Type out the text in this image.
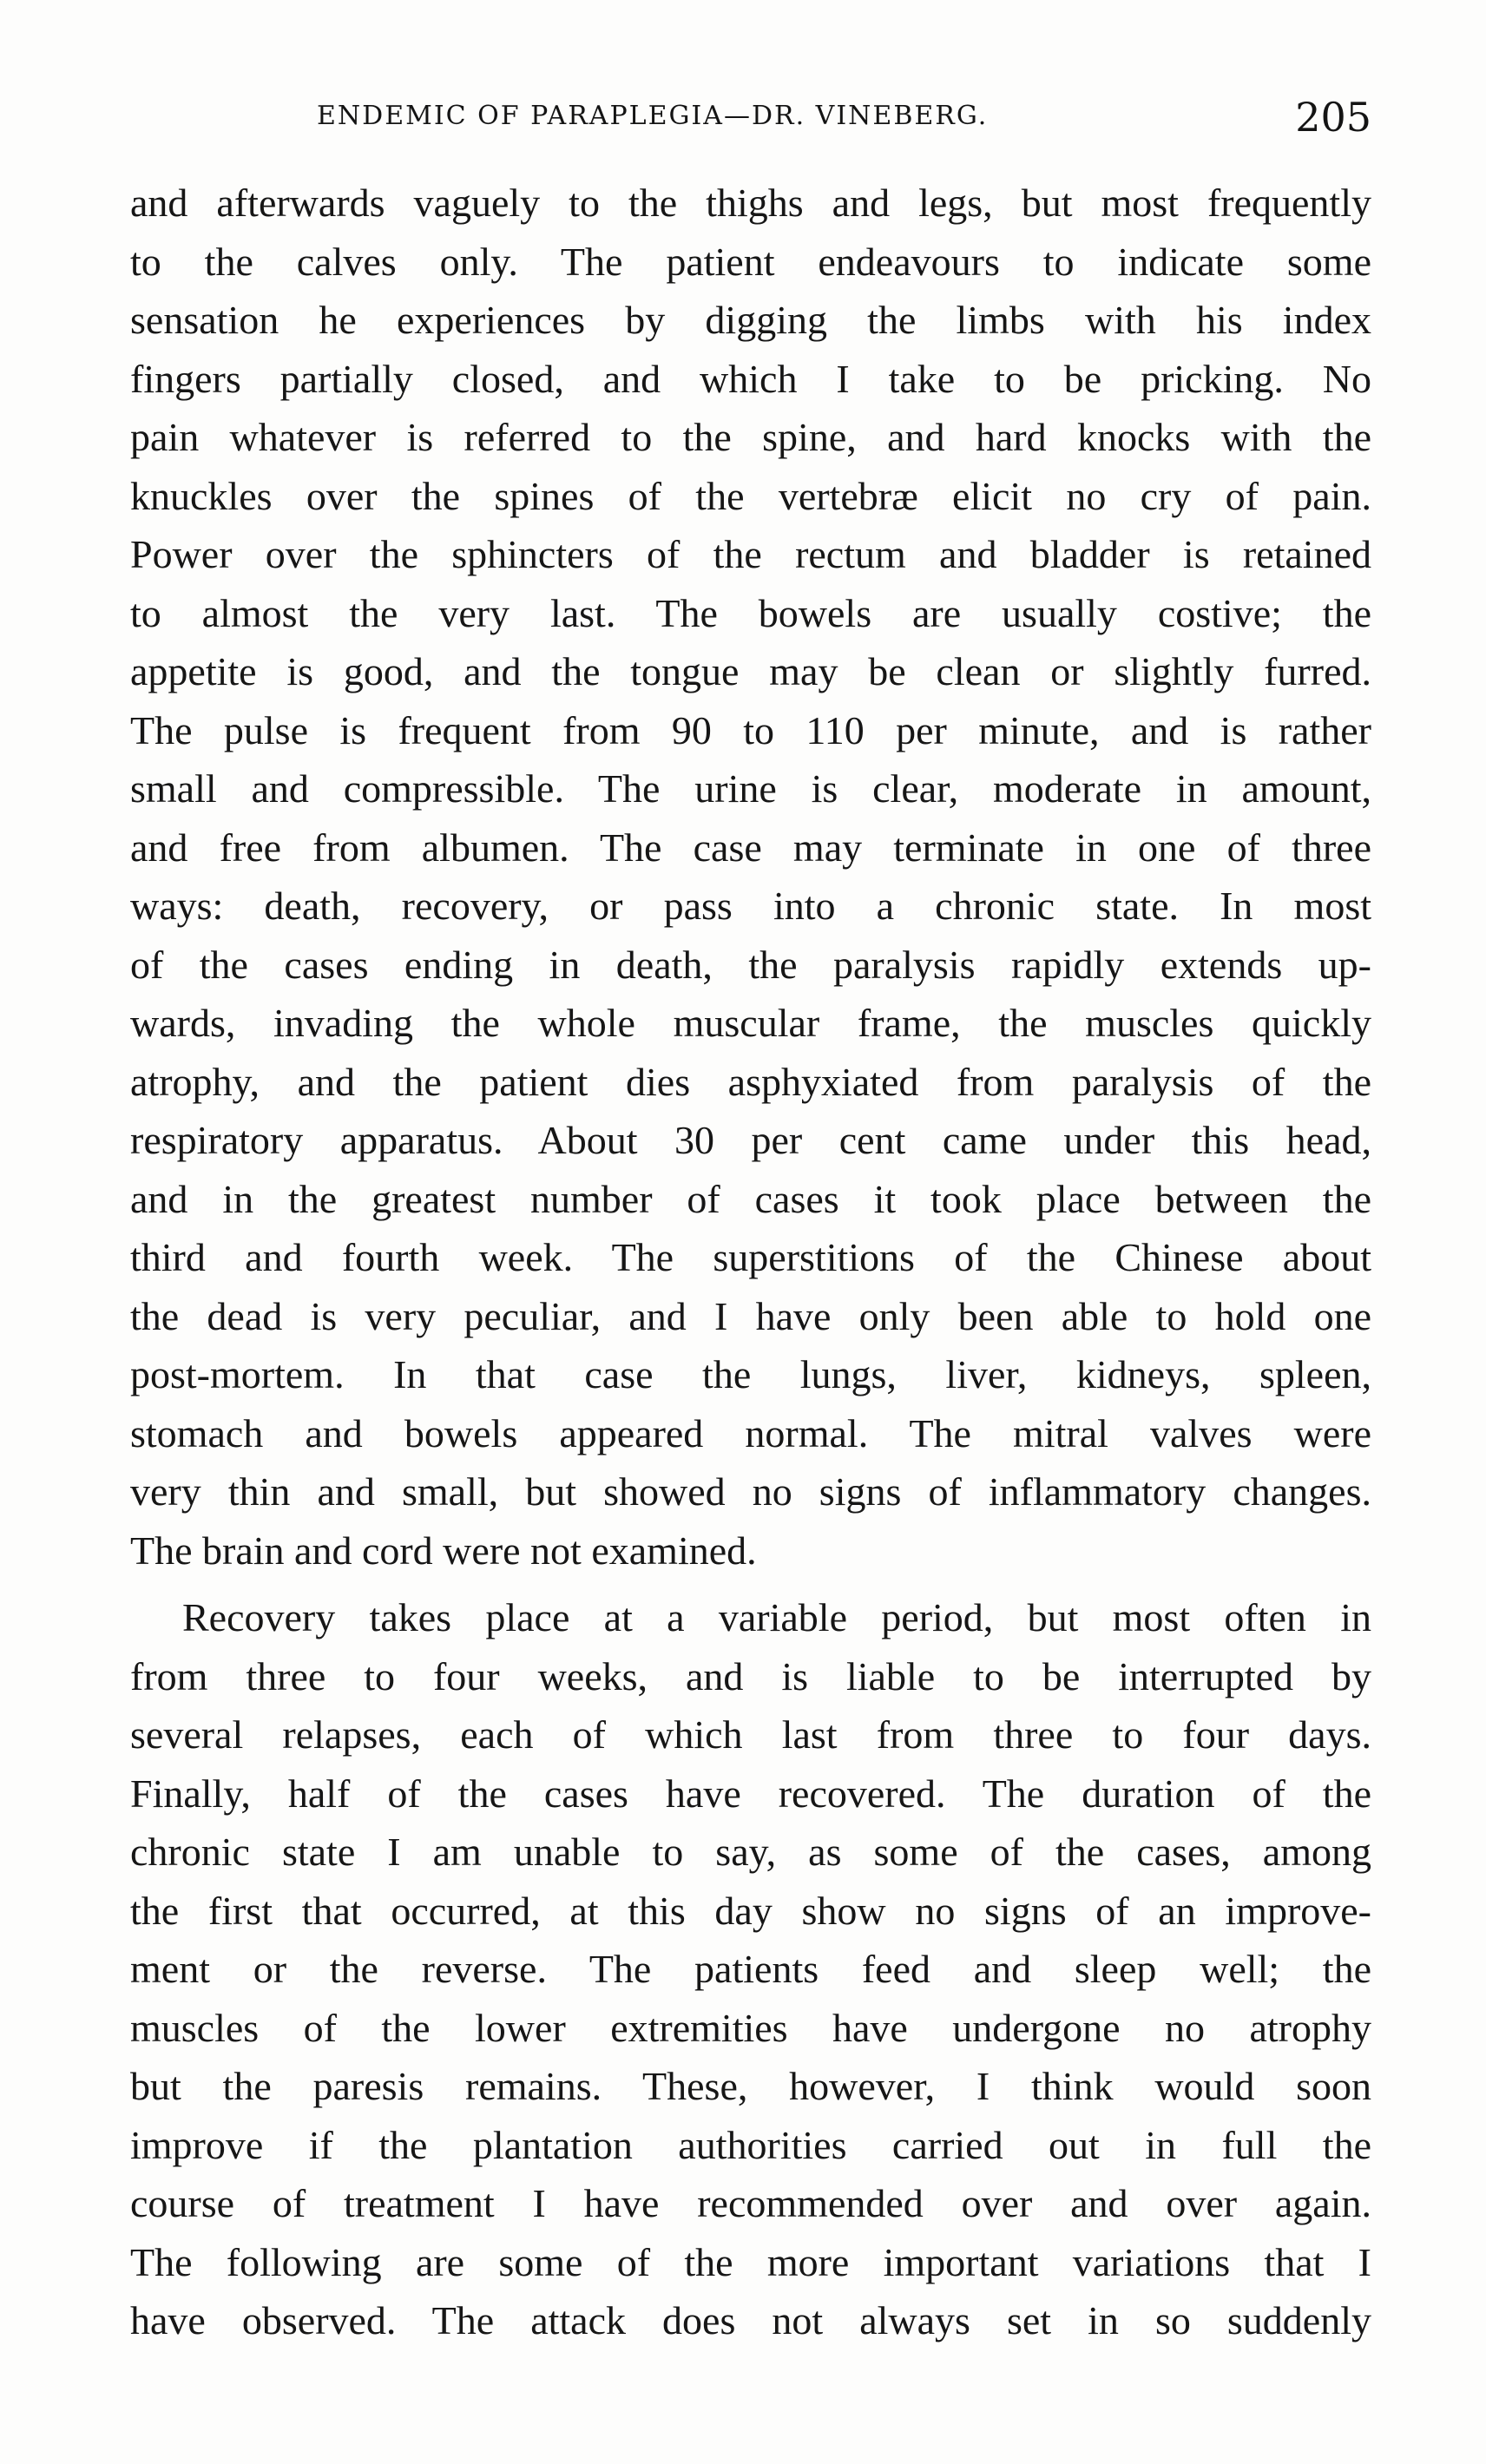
ENDEMIC OF PARAPLEGIA—DR. VINEBERG.	205
and afterwards vaguely to the thighs and legs, but most frequently
to the calves only. The patient endeavours to indicate some
sensation he experiences by digging the limbs with his index
fingers partially closed, and which I take to be pricking. No
pain whatever is referred to the spine, and hard knocks with the
knuckles over the spines of the vertebræ elicit no cry of pain.
Power over the sphincters of the rectum and bladder is retained
to almost the very last. The bowels are usually costive; the
appetite is good, and the tongue may be clean or slightly furred.
The pulse is frequent from 90 to 110 per minute, and is rather
small and compressible. The urine is clear, moderate in amount,
and free from albumen. The case may terminate in one of three
ways: death, recovery, or pass into a chronic state. In most
of the cases ending in death, the paralysis rapidly extends up-
wards, invading the whole muscular frame, the muscles quickly
atrophy, and the patient dies asphyxiated from paralysis of the
respiratory apparatus. About 30 per cent came under this head,
and in the greatest number of cases it took place between the
third and fourth week. The superstitions of the Chinese about
the dead is very peculiar, and I have only been able to hold one
post-mortem. In that case the lungs, liver, kidneys, spleen,
stomach and bowels appeared normal. The mitral valves were
very thin and small, but showed no signs of inflammatory changes.
The brain and cord were not examined.
Recovery takes place at a variable period, but most often in
from three to four weeks, and is liable to be interrupted by
several relapses, each of which last from three to four days.
Finally, half of the cases have recovered. The duration of the
chronic state I am unable to say, as some of the cases, among
the first that occurred, at this day show no signs of an improve-
ment or the reverse. The patients feed and sleep well; the
muscles of the lower extremities have undergone no atrophy
but the paresis remains. These, however, I think would soon
improve if the plantation authorities carried out in full the
course of treatment I have recommended over and over again.
The following are some of the more important variations that I
have observed. The attack does not always set in so suddenly
